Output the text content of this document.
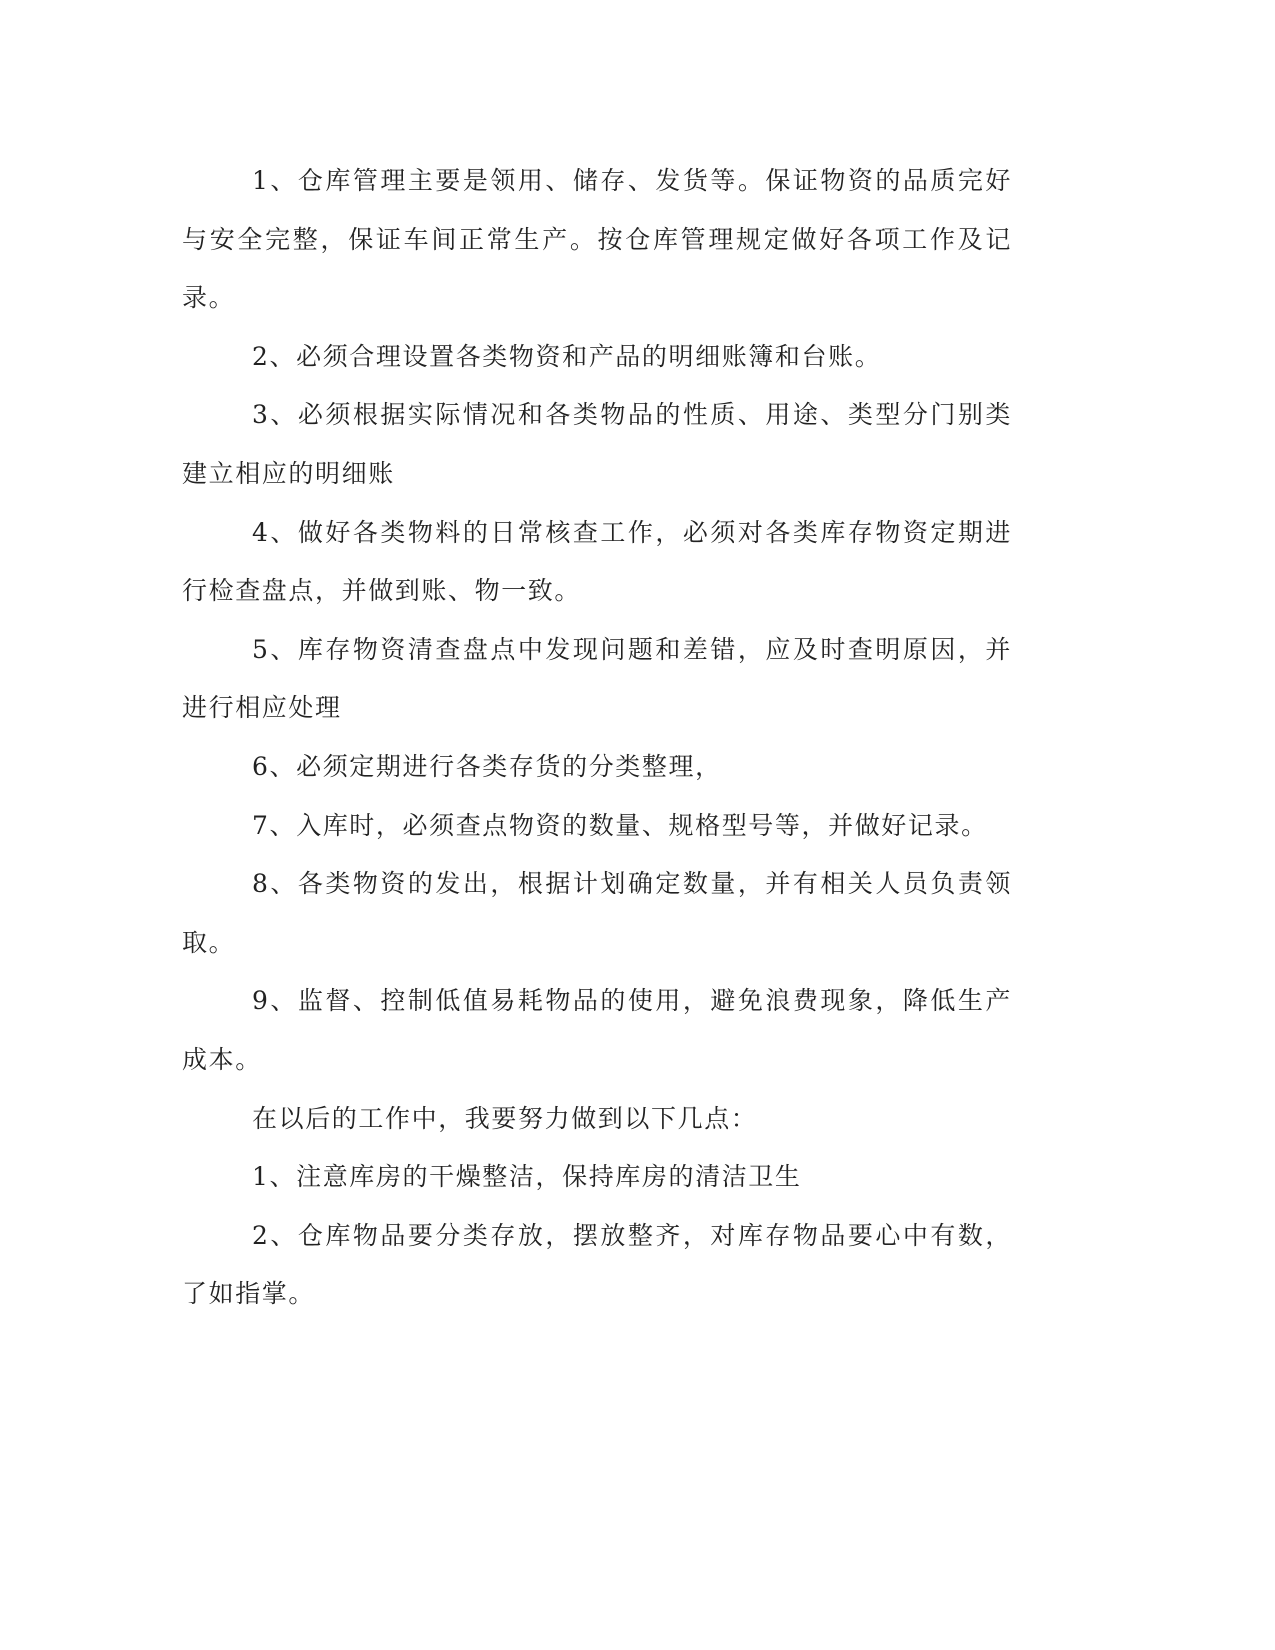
1、仓库管理主要是领用、储存、发货等。保证物资的品质完好与安全完整，保证车间正常生产。按仓库管理规定做好各项工作及记录。

2、必须合理设置各类物资和产品的明细账簿和台账。

3、必须根据实际情况和各类物品的性质、用途、类型分门别类建立相应的明细账

4、做好各类物料的日常核查工作，必须对各类库存物资定期进行检查盘点，并做到账、物一致。

5、库存物资清查盘点中发现问题和差错，应及时查明原因，并进行相应处理

6、必须定期进行各类存货的分类整理，

7、入库时，必须查点物资的数量、规格型号等，并做好记录。

8、各类物资的发出，根据计划确定数量，并有相关人员负责领取。

9、监督、控制低值易耗物品的使用，避免浪费现象，降低生产成本。

在以后的工作中，我要努力做到以下几点：

1、注意库房的干燥整洁，保持库房的清洁卫生

2、仓库物品要分类存放，摆放整齐，对库存物品要心中有数，了如指掌。
